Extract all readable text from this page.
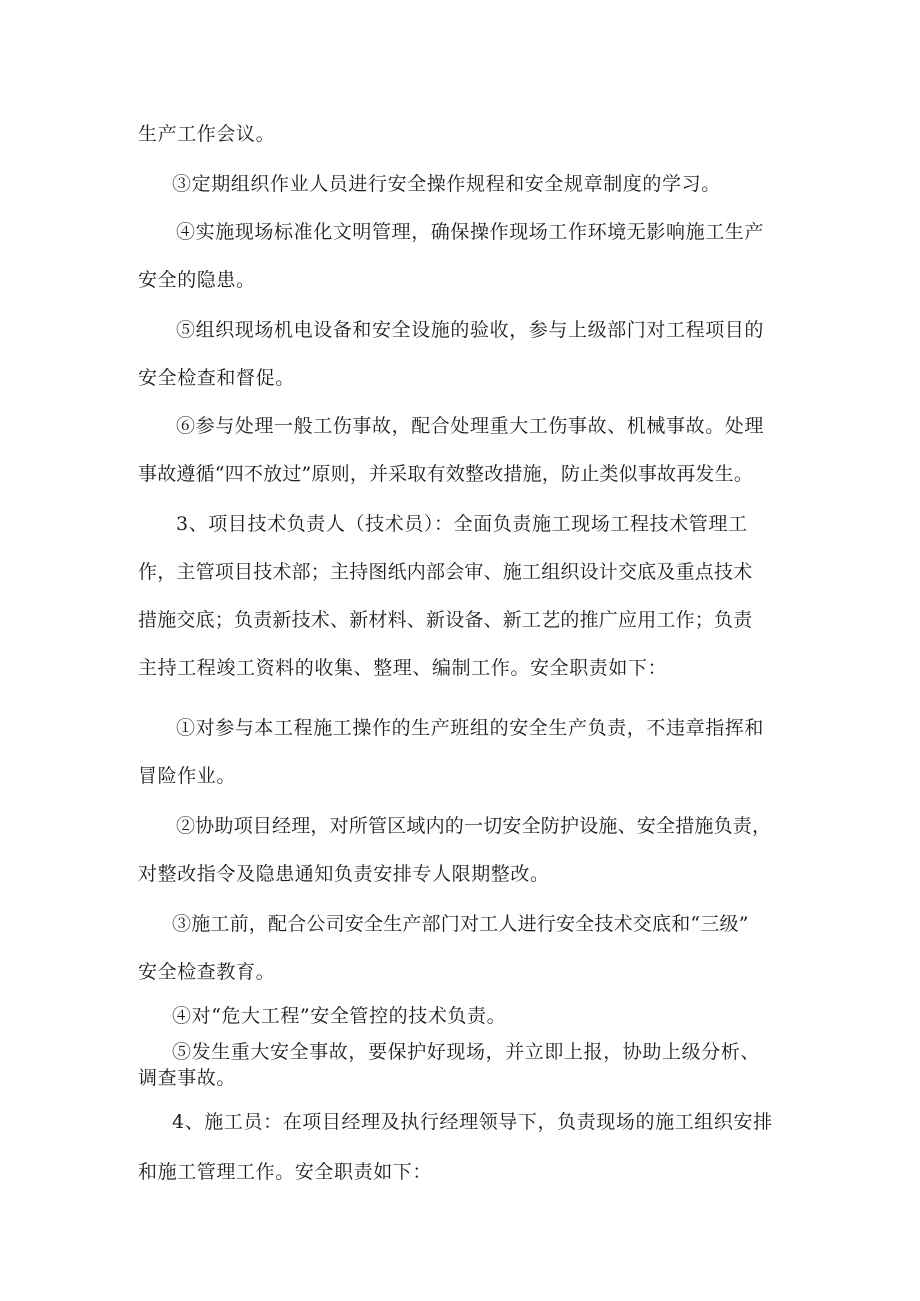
生产工作会议。
③定期组织作业人员进行安全操作规程和安全规章制度的学习。
④实施现场标准化文明管理，确保操作现场工作环境无影响施工生产
安全的隐患。
⑤组织现场机电设备和安全设施的验收，参与上级部门对工程项目的
安全检查和督促。
⑥参与处理一般工伤事故，配合处理重大工伤事故、机械事故。处理
事故遵循“四不放过”原则，并采取有效整改措施，防止类似事故再发生。
3、项目技术负责人（技术员）：全面负责施工现场工程技术管理工
作，主管项目技术部；主持图纸内部会审、施工组织设计交底及重点技术
措施交底；负责新技术、新材料、新设备、新工艺的推广应用工作；负责
主持工程竣工资料的收集、整理、编制工作。安全职责如下：
①对参与本工程施工操作的生产班组的安全生产负责，不违章指挥和
冒险作业。
②协助项目经理，对所管区域内的一切安全防护设施、安全措施负责，
对整改指令及隐患通知负责安排专人限期整改。
③施工前，配合公司安全生产部门对工人进行安全技术交底和“三级”
安全检查教育。
④对“危大工程”安全管控的技术负责。
⑤发生重大安全事故，要保护好现场，并立即上报，协助上级分析、
调查事故。
4、施工员：在项目经理及执行经理领导下，负责现场的施工组织安排
和施工管理工作。安全职责如下：
